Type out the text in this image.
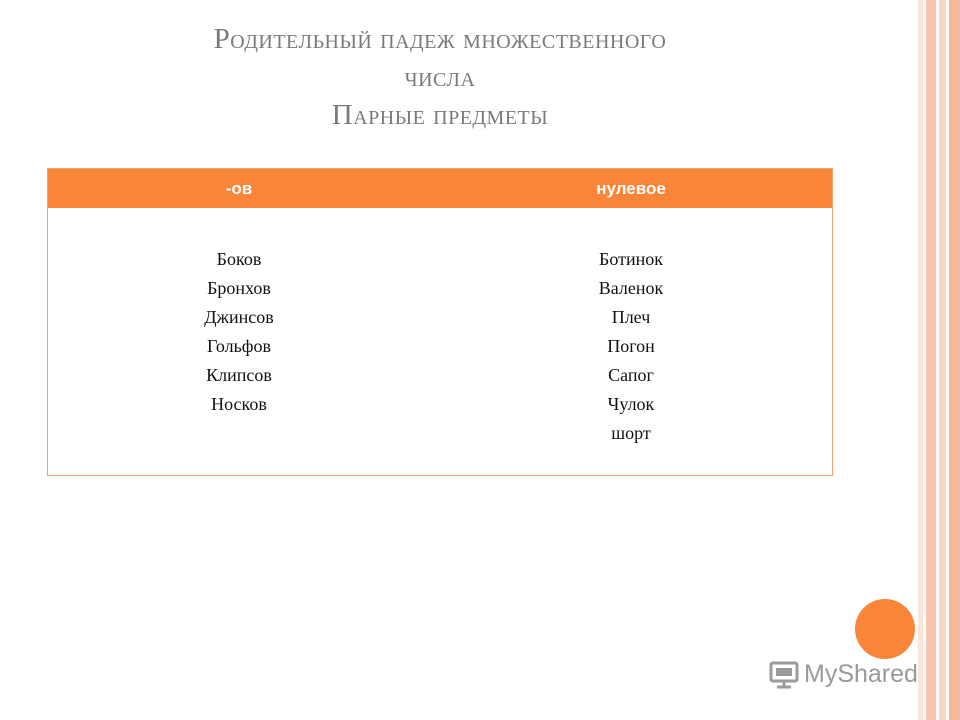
Родительный падеж множественного
числа
Парные предметы
-ов	нулевое
Боков
Бронхов
Джинсов
Гольфов
Клипсов
Носков
Ботинок
Валенок
Плеч
Погон
Сапог
Чулок
шорт
MyShared
